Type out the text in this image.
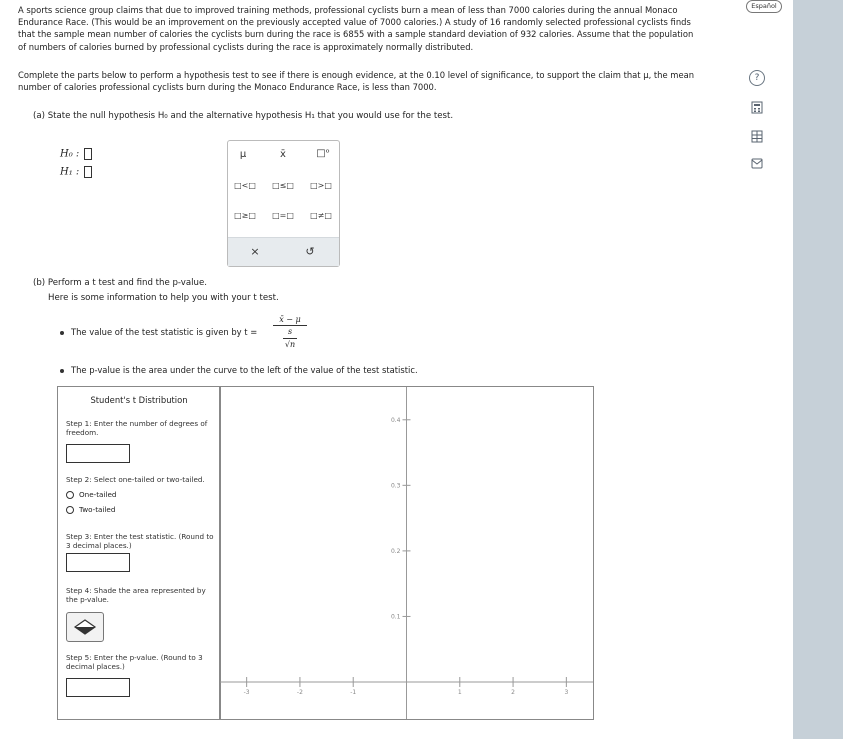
A sports science group claims that due to improved training methods, professional cyclists burn a mean of less than 7000 calories during the annual Monaco
Endurance Race. (This would be an improvement on the previously accepted value of 7000 calories.) A study of 16 randomly selected professional cyclists finds
that the sample mean number of calories the cyclists burn during the race is 6855 with a sample standard deviation of 932 calories. Assume that the population
of numbers of calories burned by professional cyclists during the race is approximately normally distributed.
Complete the parts below to perform a hypothesis test to see if there is enough evidence, at the 0.10 level of significance, to support the claim that μ, the mean
number of calories professional cyclists burn during the Monaco Endurance Race, is less than 7000.
Español
?
(a) State the null hypothesis H₀ and the alternative hypothesis H₁ that you would use for the test.
H₀ :
H₁ :
μ	x̄	□ᵒ
□<□	□≤□	□>□
□≥□	□=□	□≠□
×	↺
(b) Perform a t test and find the p-value.
Here is some information to help you with your t test.
The value of the test statistic is given by t = x̄ − μ
s
√n
The p-value is the area under the curve to the left of the value of the test statistic.
Student's t Distribution
Step 1: Enter the number of degrees of freedom.
Step 2: Select one-tailed or two-tailed.
One-tailed
Two-tailed
Step 3: Enter the test statistic. (Round to 3 decimal places.)
Step 4: Shade the area represented by the p-value.
Step 5: Enter the p-value. (Round to 3 decimal places.)
-3	-2	-1	1	2	3
0.1
0.2
0.3
0.4
